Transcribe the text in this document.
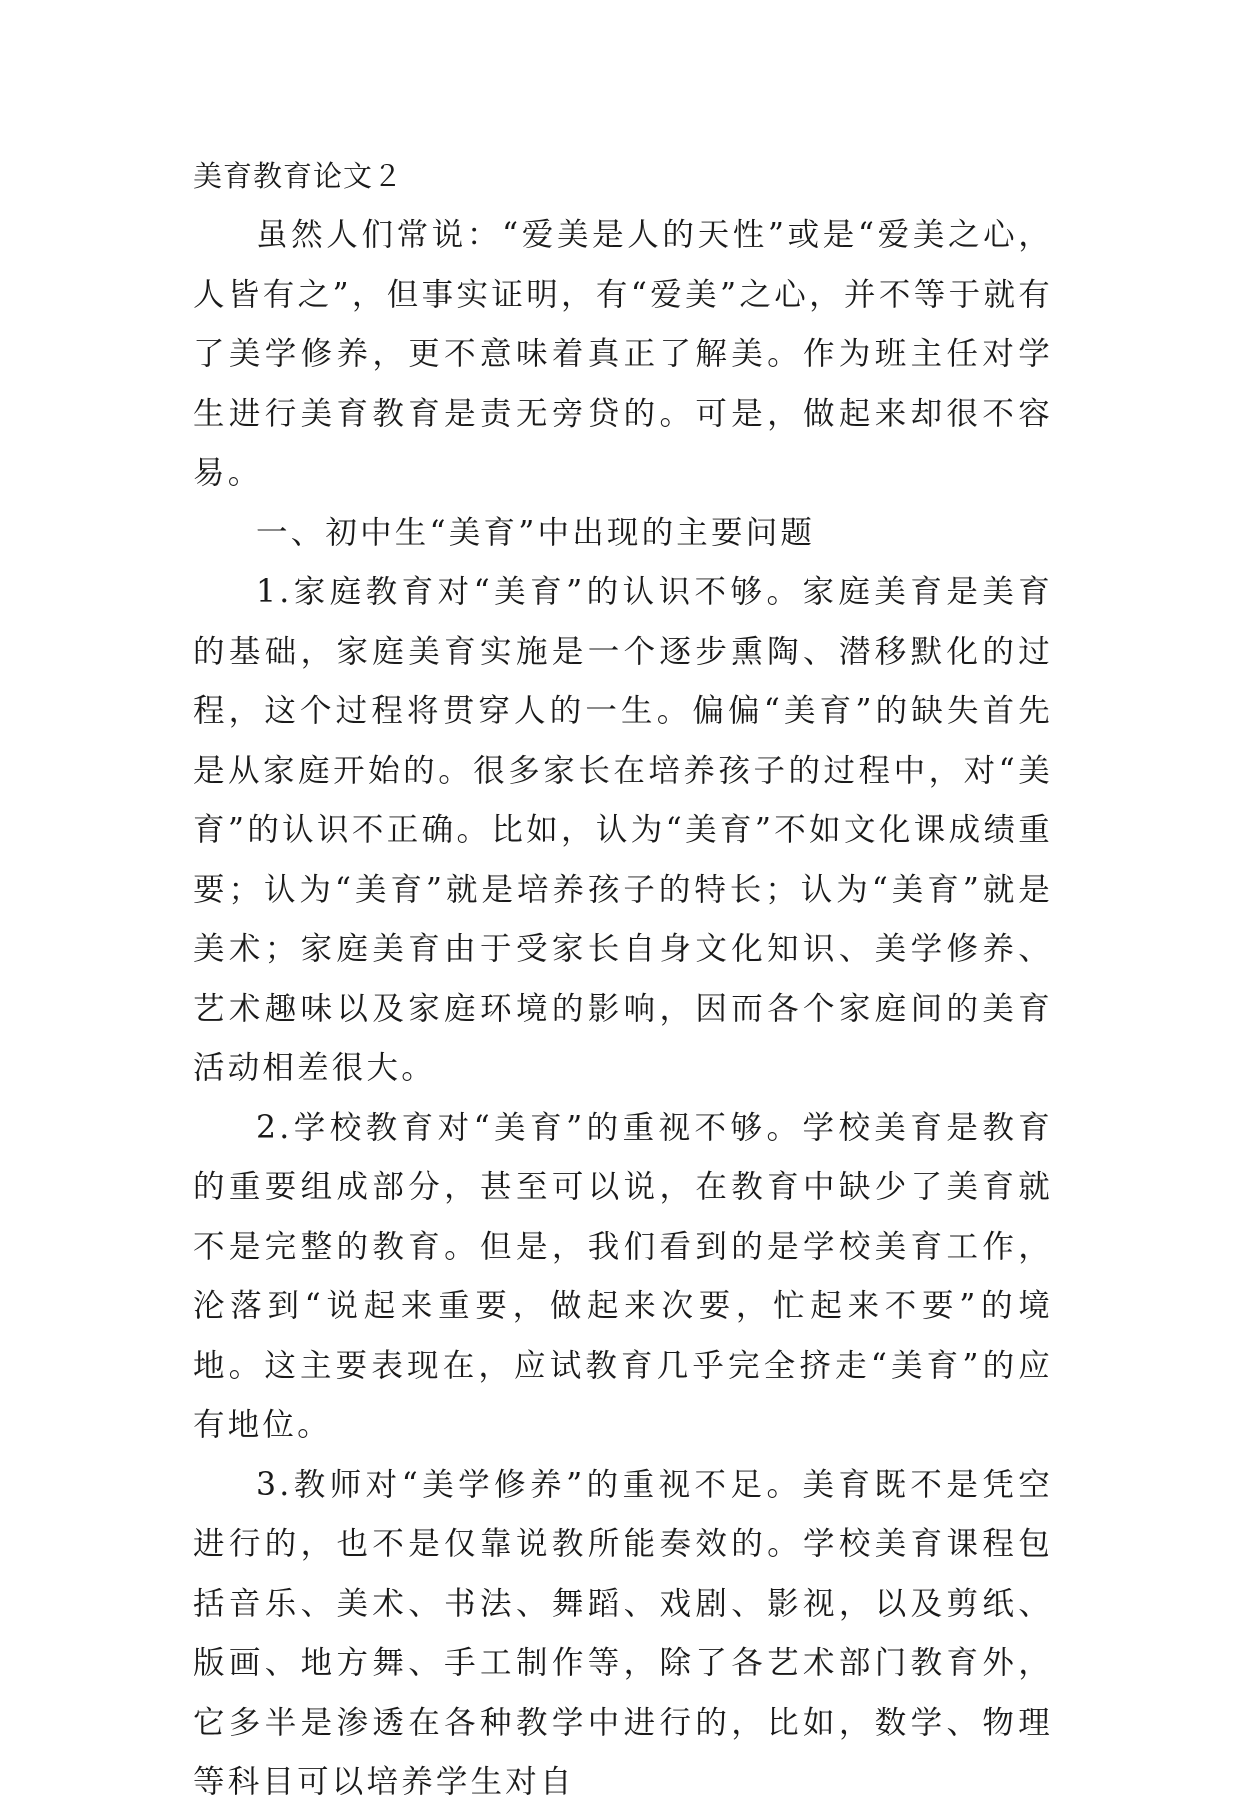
美育教育论文２

虽然人们常说：“爱美是人的天性”或是“爱美之心，人皆有之”，但事实证明，有“爱美”之心，并不等于就有了美学修养，更不意味着真正了解美。作为班主任对学生进行美育教育是责无旁贷的。可是，做起来却很不容易。

一、初中生“美育”中出现的主要问题

1.家庭教育对“美育”的认识不够。家庭美育是美育的基础，家庭美育实施是一个逐步熏陶、潜移默化的过程，这个过程将贯穿人的一生。偏偏“美育”的缺失首先是从家庭开始的。很多家长在培养孩子的过程中，对“美育”的认识不正确。比如，认为“美育”不如文化课成绩重要；认为“美育”就是培养孩子的特长；认为“美育”就是美术；家庭美育由于受家长自身文化知识、美学修养、艺术趣味以及家庭环境的影响，因而各个家庭间的美育活动相差很大。

2.学校教育对“美育”的重视不够。学校美育是教育的重要组成部分，甚至可以说，在教育中缺少了美育就不是完整的教育。但是，我们看到的是学校美育工作，沦落到“说起来重要，做起来次要，忙起来不要”的境地。这主要表现在，应试教育几乎完全挤走“美育”的应有地位。

3.教师对“美学修养”的重视不足。美育既不是凭空进行的，也不是仅靠说教所能奏效的。学校美育课程包括音乐、美术、书法、舞蹈、戏剧、影视，以及剪纸、版画、地方舞、手工制作等，除了各艺术部门教育外，它多半是渗透在各种教学中进行的，比如，数学、物理等科目可以培养学生对自
